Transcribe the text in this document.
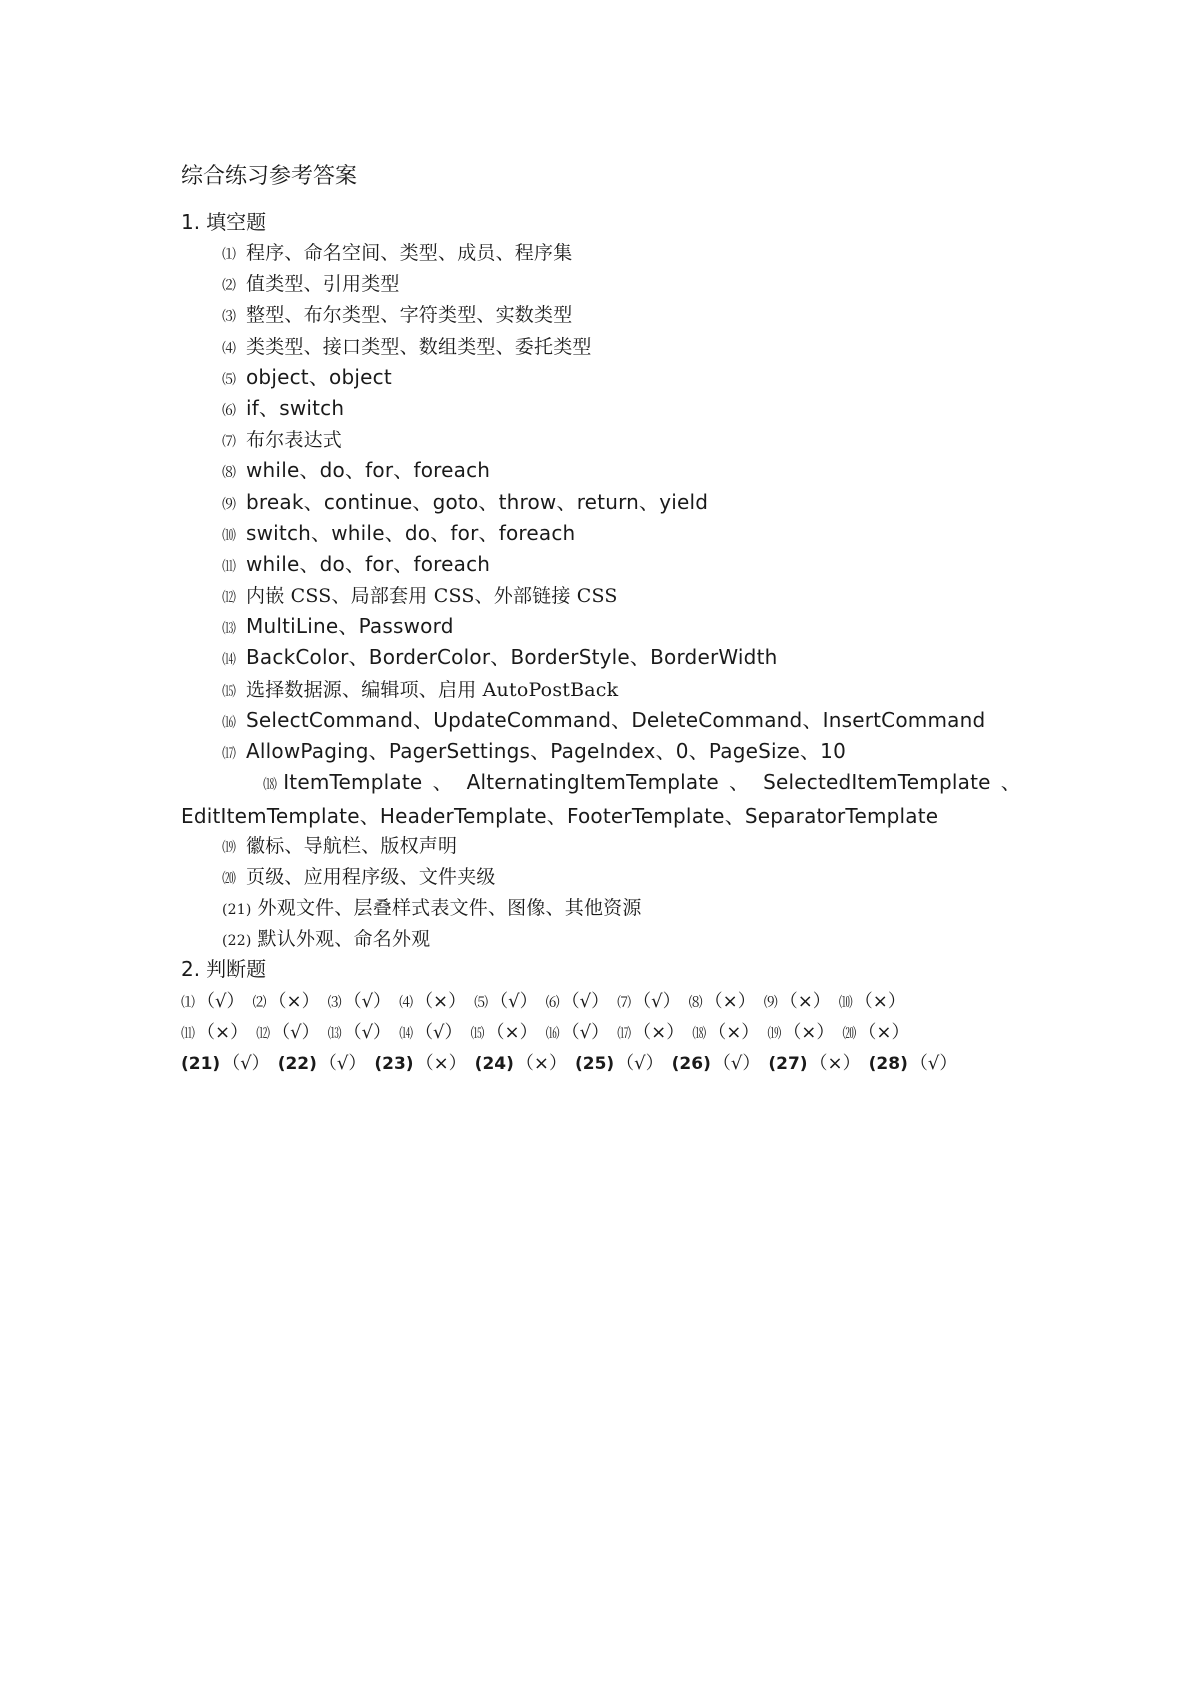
综合练习参考答案
1. 填空题
⑴ 程序、命名空间、类型、成员、程序集
⑵ 值类型、引用类型
⑶ 整型、布尔类型、字符类型、实数类型
⑷ 类类型、接口类型、数组类型、委托类型
⑸ object、object
⑹ if、switch
⑺ 布尔表达式
⑻ while、do、for、foreach
⑼ break、continue、goto、throw、return、yield
⑽ switch、while、do、for、foreach
⑾ while、do、for、foreach
⑿ 内嵌 CSS、局部套用 CSS、外部链接 CSS
⒀ MultiLine、Password
⒁ BackColor、BorderColor、BorderStyle、BorderWidth
⒂ 选择数据源、编辑项、启用 AutoPostBack
⒃ SelectCommand、UpdateCommand、DeleteCommand、InsertCommand
⒄ AllowPaging、PagerSettings、PageIndex、0、PageSize、10
⒅ ItemTemplate 、 AlternatingItemTemplate 、 SelectedItemTemplate 、 EditItemTemplate、HeaderTemplate、FooterTemplate、SeparatorTemplate
⒆ 徽标、导航栏、版权声明
⒇ 页级、应用程序级、文件夹级
(21) 外观文件、层叠样式表文件、图像、其他资源
(22) 默认外观、命名外观
2. 判断题
⑴ （√） ⑵ （×） ⑶ （√） ⑷ （×） ⑸ （√） ⑹ （√） ⑺ （√） ⑻ （×） ⑼ （×） ⑽ （×）
⑾ （×） ⑿ （√） ⒀ （√） ⒁ （√） ⒂ （×） ⒃ （√） ⒄ （×） ⒅ （×） ⒆ （×） ⒇ （×）
(21) （√） (22) （√） (23) （×） (24) （×） (25) （√） (26) （√） (27) （×） (28) （√）
